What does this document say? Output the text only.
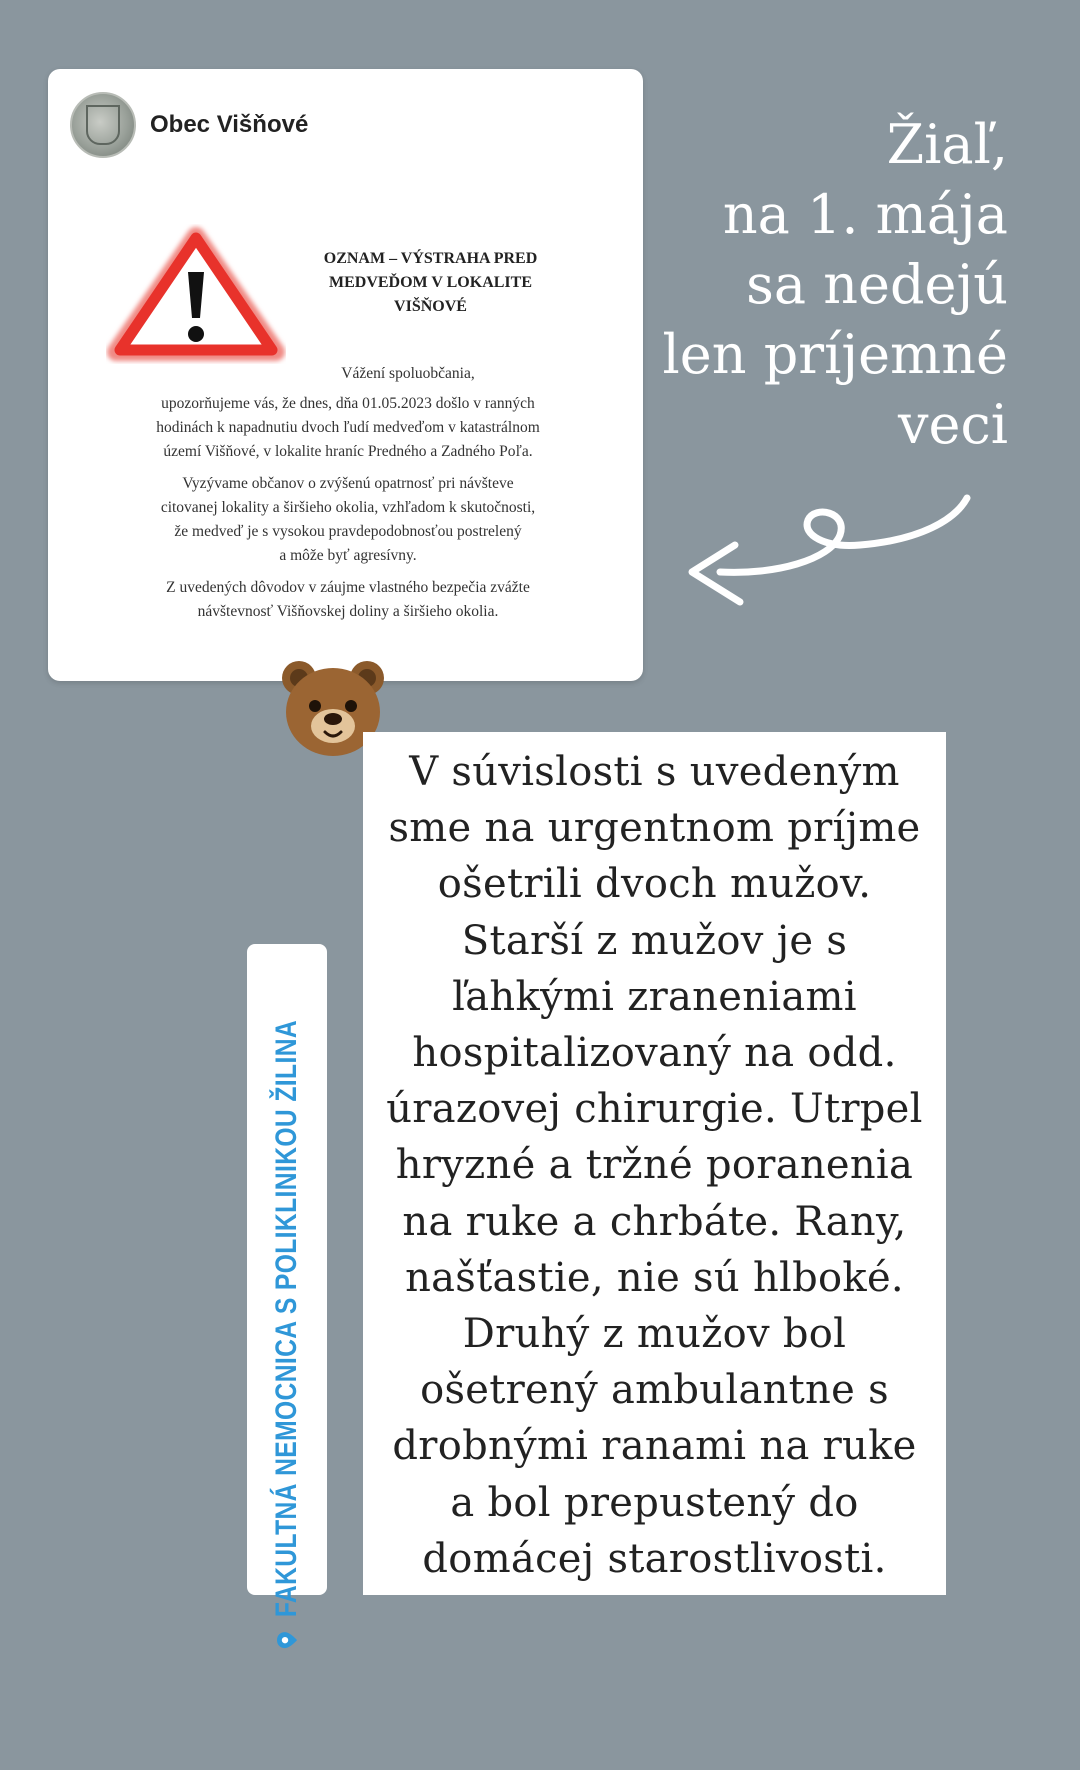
Obec Višňové
OZNAM – VÝSTRAHA PRED
MEDVEĎOM V LOKALITE
VIŠŇOVÉ

Vážení spoluobčania,

upozorňujeme vás, že dnes, dňa 01.05.2023 došlo v ranných
hodinách k napadnutiu dvoch ľudí medveďom v katastrálnom
území Višňové, v lokalite hraníc Predného a Zadného Poľa.

Vyzývame občanov o zvýšenú opatrnosť pri návšteve
citovanej lokality a širšieho okolia, vzhľadom k skutočnosti,
že medveď je s vysokou pravdepodobnosťou postrelený
a môže byť agresívny.

Z uvedených dôvodov v záujme vlastného bezpečia zvážte
návštevnosť Višňovskej doliny a širšieho okolia.

Žiaľ,
na 1. mája
sa nedejú
len príjemné
veci
V súvislosti s uvedeným
sme na urgentnom príjme
ošetrili dvoch mužov.
Starší z mužov je s
ľahkými zraneniami
hospitalizovaný na odd.
úrazovej chirurgie. Utrpel
hryzné a tržné poranenia
na ruke a chrbáte. Rany,
našťastie, nie sú hlboké.
Druhý z mužov bol
ošetrený ambulantne s
drobnými ranami na ruke
a bol prepustený do
domácej starostlivosti.
FAKULTNÁ NEMOCNICA S POLIKLINIKOU ŽILINA
